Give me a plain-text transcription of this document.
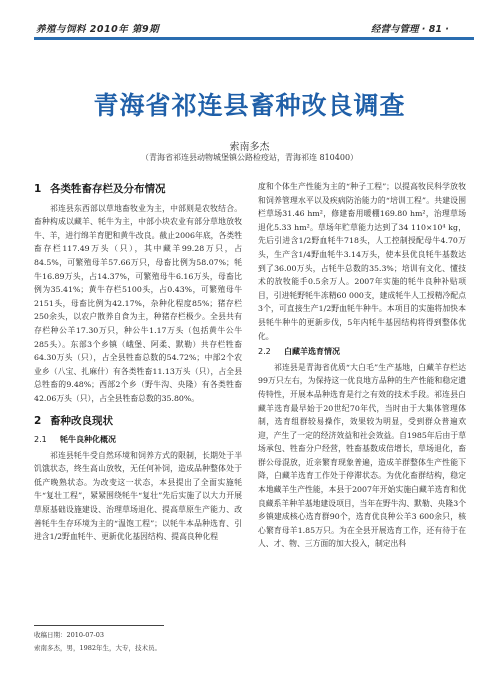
养殖与饲料 2010年 第9期	经营与管理 · 81 ·
青海省祁连县畜种改良调查
索南多杰
（青海省祁连县动物城堡镇公路检疫站，青海祁连 810400）
1 各类牲畜存栏及分布情况

祁连县东西部以草地畜牧业为主，中部则是农牧结合。畜种构成以藏羊、牦牛为主，中部小块农业有部分草地放牧牛、羊，进行绵羊育肥和黄牛改良。截止2006年底，各类牲畜存栏117.49万头（只），其中藏羊99.28万只，占84.5%，可繁殖母羊57.66万只，母畜比例为58.07%；牦牛16.89万头，占14.37%，可繁殖母牛6.16万头，母畜比例为35.41%；黄牛存栏5100头，占0.43%，可繁殖母牛2151头，母畜比例为42.17%，杂种化程度85%；猪存栏250余头，以农户散养自食为主，种猪存栏极少。全县共有存栏种公羊17.30万只，种公牛1.17万头（包括黄牛公牛285头）。东部3个乡镇（峨堡、阿柔、默勒）共存栏牲畜64.30万头（只），占全县牲畜总数的54.72%；中部2个农业乡（八宝、扎麻什）有各类牲畜11.13万头（只），占全县总牲畜的9.48%；西部2个乡（野牛沟、央隆）有各类牲畜42.06万头（只），占全县牲畜总数的35.80%。

2 畜种改良现状
2.1 牦牛良种化概况

祁连县牦牛受自然环境和饲养方式的限制，长期处于半饥饿状态，终生高山放牧，无任何补饲，造成品种整体处于低产晚熟状态。为改变这一状态，本县提出了全面实施牦牛“复壮工程”，紧紧围绕牦牛“复壮”先后实施了以大力开展草原基础设施建设、治理草场退化、提高草原生产能力、改善牦牛生存环境为主的“温饱工程”；以牦牛本品种选育、引进含1/2野血牦牛、更新优化基因结构、提高良种化程

度和个体生产性能为主的“种子工程”；以提高牧民科学放牧和饲养管理水平以及疾病防治能力的“培训工程”。共建设围栏草场31.46 hm²，修建畜用暖棚169.80 hm²，治理草场退化5.33 hm²。草场年贮草能力达到了34 110×10⁴ kg，先后引进含1/2野血牦牛718头，人工控制授配母牛4.70万头，生产含1/4野血牦牛3.14万头，使本县优良牦牛基数达到了36.00万头，占牦牛总数的35.3%；培训有文化、懂技术的放牧能手0.5余万人。2007年实施的牦牛良种补贴项目，引进牦野牦牛冻精60 000支，建成牦牛人工授精冷配点3个，可直接生产1/2野血牦牛种牛。本项目的实施将加快本县牦牛种牛的更新步伐，5年内牦牛基因结构将得到整体优化。

2.2 白藏羊选育情况

祁连县是青海省优质“大白毛”生产基地，白藏羊存栏达99万只左右，为保持这一优良地方品种的生产性能和稳定遗传特性，开展本品种选育是行之有效的技术手段。祁连县白藏羊选育最早始于20世纪70年代，当时由于大集体管理体制，选育组群较易操作，效果较为明显，受到群众普遍欢迎，产生了一定的经济效益和社会效益。自1985年后由于草场承包、牲畜分户经营，牲畜基数成倍增长，草场退化，畜群公母混放，近亲繁育现象普遍，造成羊群整体生产性能下降，白藏羊选育工作处于停滞状态。为优化畜群结构，稳定本地藏羊生产性能，本县于2007年开始实施白藏羊选育和优良藏系羊种羊基地建设项目，当年在野牛沟、默勒、央隆3个乡镇建成核心选育群90个，选育优良种公羊3 600余只，核心繁育母羊1.85万只。为在全县开展选育工作，还有待于在人、才、物、三方面的加大投入，制定出科

收稿日期：2010-07-03
索南多杰，男，1982年生，大专，技术员。
